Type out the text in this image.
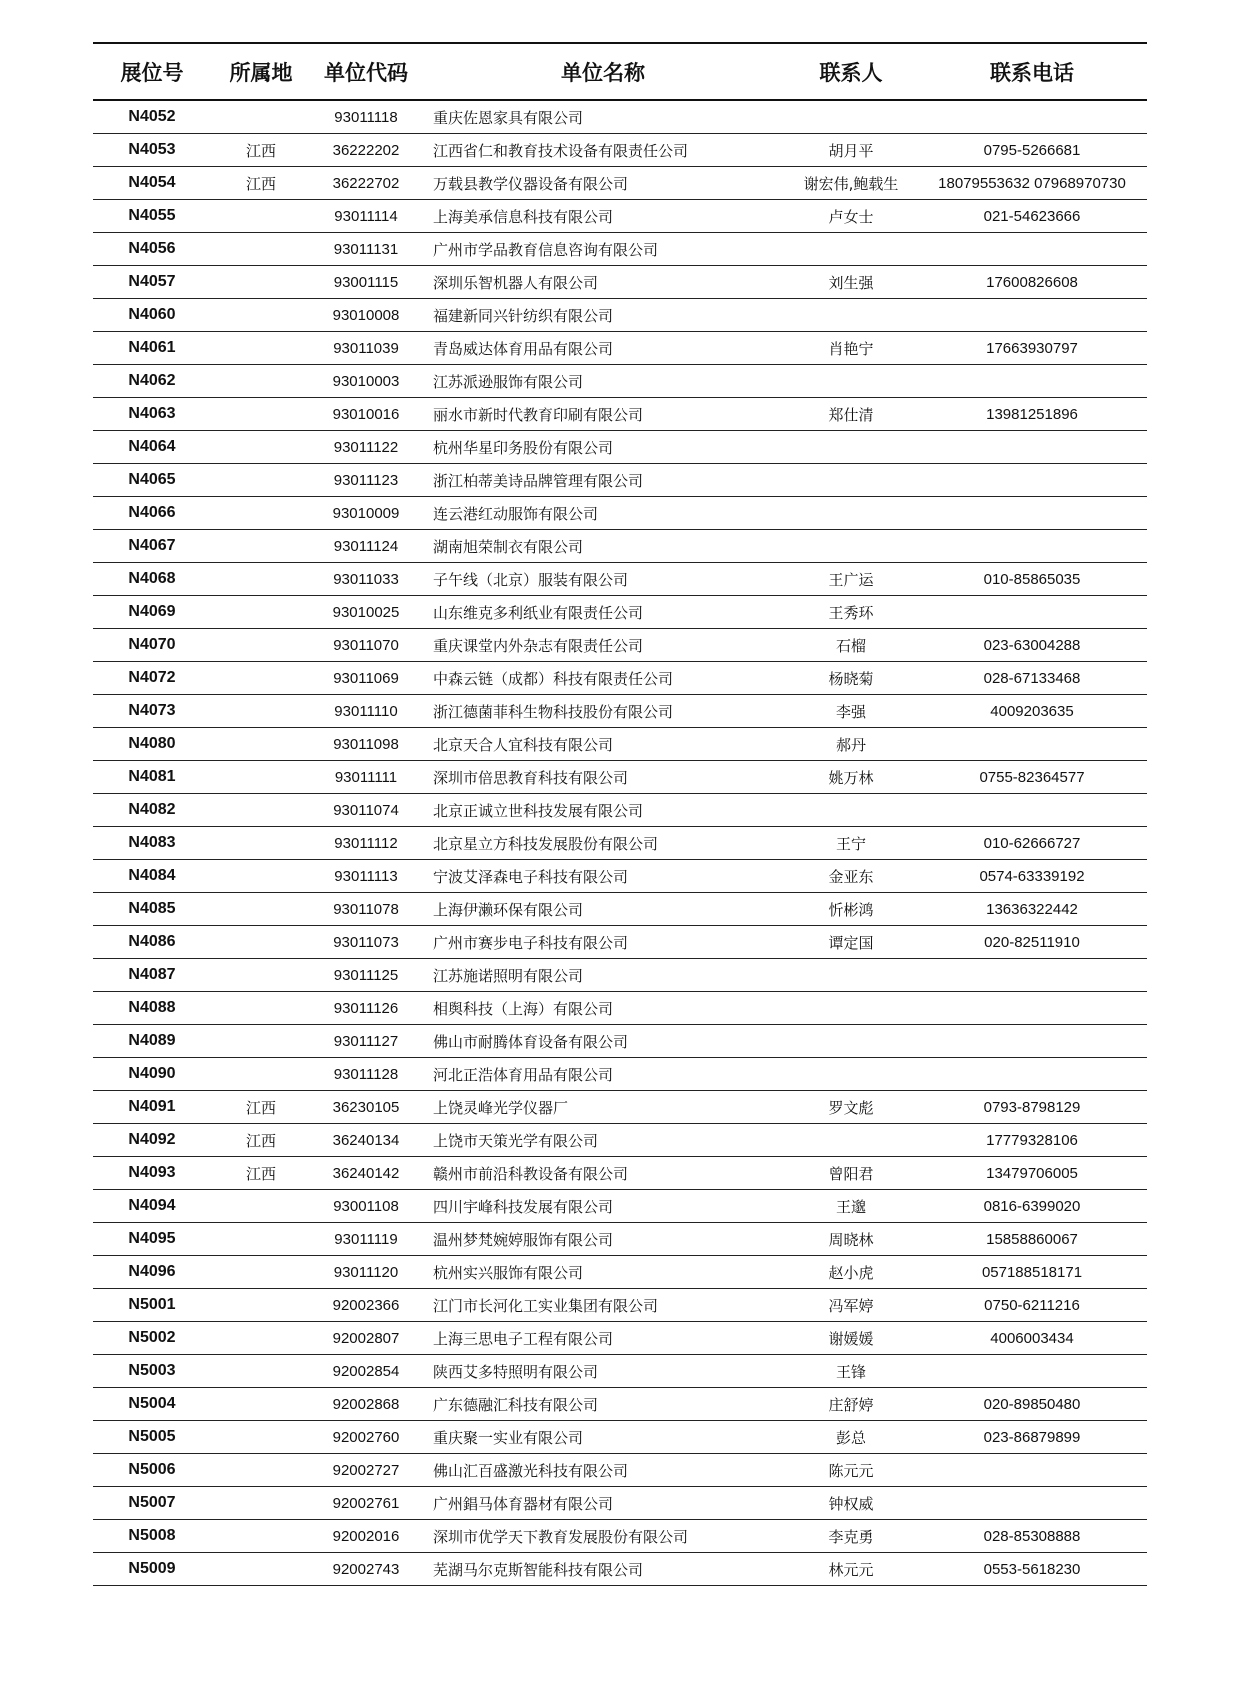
展位号	所属地	单位代码	单位名称	联系人	联系电话
N4052		93011118	重庆佐恩家具有限公司		
N4053	江西	36222202	江西省仁和教育技术设备有限责任公司	胡月平	0795-5266681
N4054	江西	36222702	万载县教学仪器设备有限公司	谢宏伟,鲍载生	18079553632 07968970730
N4055		93011114	上海美承信息科技有限公司	卢女士	021-54623666
N4056		93011131	广州市学品教育信息咨询有限公司		
N4057		93001115	深圳乐智机器人有限公司	刘生强	17600826608
N4060		93010008	福建新同兴针纺织有限公司		
N4061		93011039	青岛威达体育用品有限公司	肖艳宁	17663930797
N4062		93010003	江苏派逊服饰有限公司		
N4063		93010016	丽水市新时代教育印刷有限公司	郑仕清	13981251896
N4064		93011122	杭州华星印务股份有限公司		
N4065		93011123	浙江柏蒂美诗品牌管理有限公司		
N4066		93010009	连云港红动服饰有限公司		
N4067		93011124	湖南旭荣制衣有限公司		
N4068		93011033	子午线（北京）服装有限公司	王广运	010-85865035
N4069		93010025	山东维克多利纸业有限责任公司	王秀环	
N4070		93011070	重庆课堂内外杂志有限责任公司	石榴	023-63004288
N4072		93011069	中森云链（成都）科技有限责任公司	杨晓菊	028-67133468
N4073		93011110	浙江德菌菲科生物科技股份有限公司	李强	4009203635
N4080		93011098	北京天合人宜科技有限公司	郝丹	
N4081		93011111	深圳市倍思教育科技有限公司	姚万林	0755-82364577
N4082		93011074	北京正诚立世科技发展有限公司		
N4083		93011112	北京星立方科技发展股份有限公司	王宁	010-62666727
N4084		93011113	宁波艾泽森电子科技有限公司	金亚东	0574-63339192
N4085		93011078	上海伊濑环保有限公司	忻彬鸿	13636322442
N4086		93011073	广州市赛步电子科技有限公司	谭定国	020-82511910
N4087		93011125	江苏施诺照明有限公司		
N4088		93011126	相舆科技（上海）有限公司		
N4089		93011127	佛山市耐腾体育设备有限公司		
N4090		93011128	河北正浩体育用品有限公司		
N4091	江西	36230105	上饶灵峰光学仪器厂	罗文彪	0793-8798129
N4092	江西	36240134	上饶市天策光学有限公司		17779328106
N4093	江西	36240142	赣州市前沿科教设备有限公司	曾阳君	13479706005
N4094		93001108	四川宇峰科技发展有限公司	王邈	0816-6399020
N4095		93011119	温州梦梵婉婷服饰有限公司	周晓林	15858860067
N4096		93011120	杭州实兴服饰有限公司	赵小虎	057188518171
N5001		92002366	江门市长河化工实业集团有限公司	冯军婷	0750-6211216
N5002		92002807	上海三思电子工程有限公司	谢媛媛	4006003434
N5003		92002854	陕西艾多特照明有限公司	王锋	
N5004		92002868	广东德融汇科技有限公司	庄舒婷	020-89850480
N5005		92002760	重庆聚一实业有限公司	彭总	023-86879899
N5006		92002727	佛山汇百盛激光科技有限公司	陈元元	
N5007		92002761	广州錩马体育器材有限公司	钟权威	
N5008		92002016	深圳市优学天下教育发展股份有限公司	李克勇	028-85308888
N5009		92002743	芜湖马尔克斯智能科技有限公司	林元元	0553-5618230
